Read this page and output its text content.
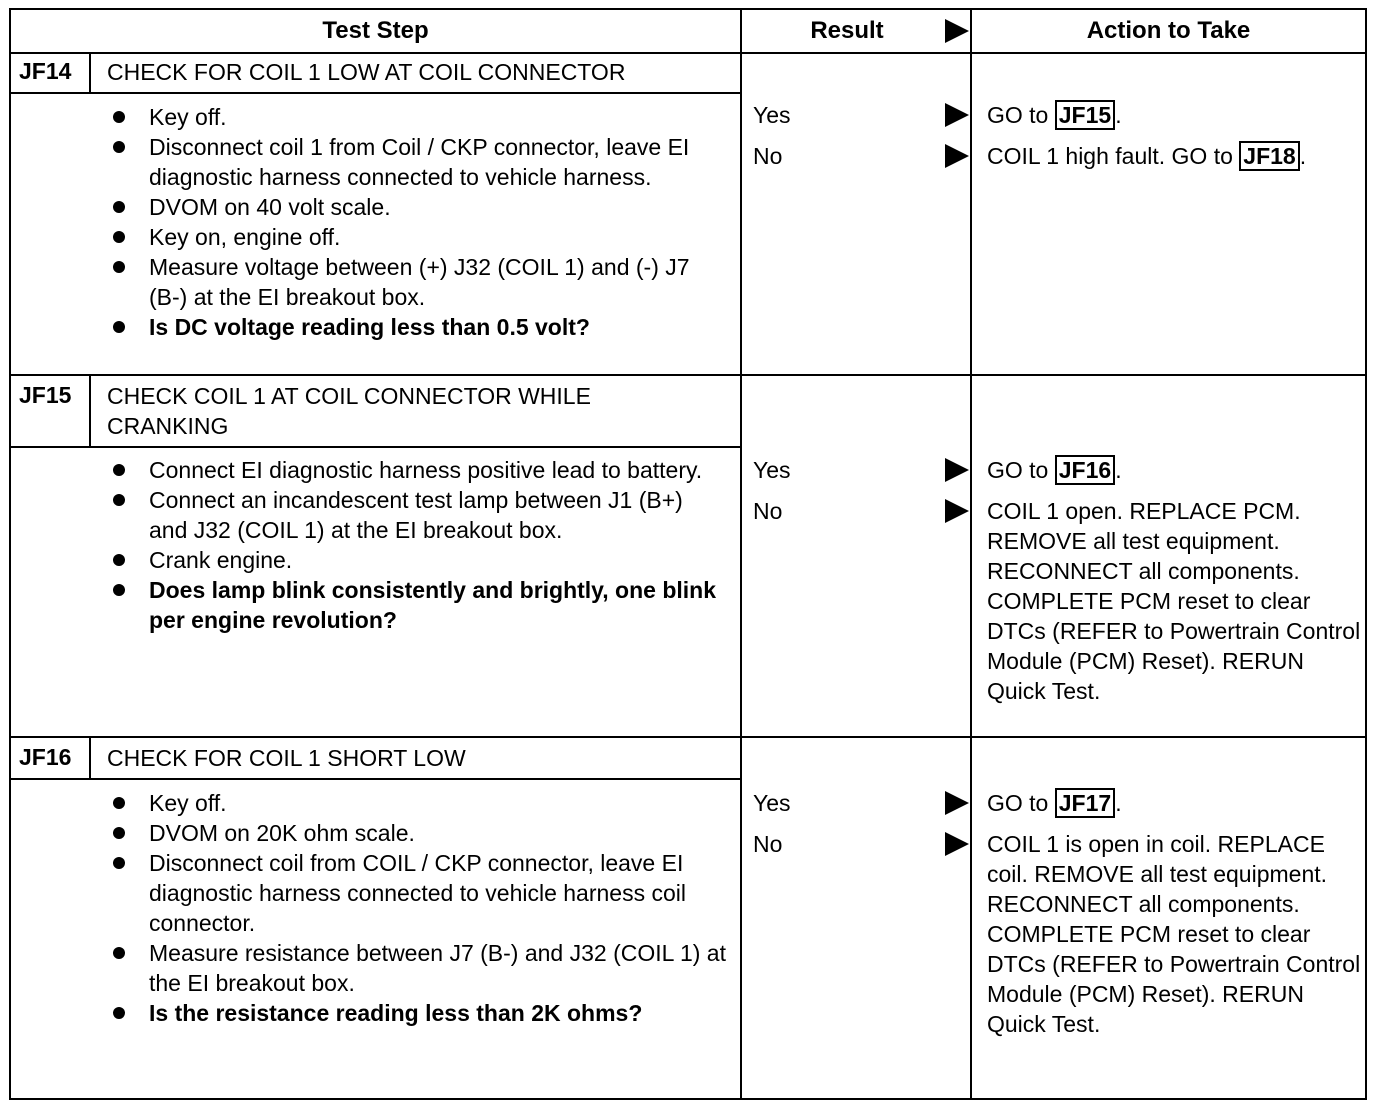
Test Step	Result	Action to Take
JF14	CHECK FOR COIL 1 LOW AT COIL CONNECTOR
Key off.
Disconnect coil 1 from Coil / CKP connector, leave EI diagnostic harness connected to vehicle harness.
DVOM on 40 volt scale.
Key on, engine off.
Measure voltage between (+) J32 (COIL 1) and (-) J7 (B-) at the EI breakout box.
Is DC voltage reading less than 0.5 volt?
Yes	GO to JF15 .
No	COIL 1 high fault. GO to JF18 .
JF15	CHECK COIL 1 AT COIL CONNECTOR WHILE CRANKING
Connect EI diagnostic harness positive lead to battery.
Connect an incandescent test lamp between J1 (B+) and J32 (COIL 1) at the EI breakout box.
Crank engine.
Does lamp blink consistently and brightly, one blink per engine revolution?
Yes	GO to JF16 .
No	COIL 1 open. REPLACE PCM. REMOVE all test equipment. RECONNECT all components. COMPLETE PCM reset to clear DTCs (REFER to Powertrain Control Module (PCM) Reset). RERUN Quick Test.
JF16	CHECK FOR COIL 1 SHORT LOW
Key off.
DVOM on 20K ohm scale.
Disconnect coil from COIL / CKP connector, leave EI diagnostic harness connected to vehicle harness coil connector.
Measure resistance between J7 (B-) and J32 (COIL 1) at the EI breakout box.
Is the resistance reading less than 2K ohms?
Yes	GO to JF17 .
No	COIL 1 is open in coil. REPLACE coil. REMOVE all test equipment. RECONNECT all components. COMPLETE PCM reset to clear DTCs (REFER to Powertrain Control Module (PCM) Reset). RERUN Quick Test.
